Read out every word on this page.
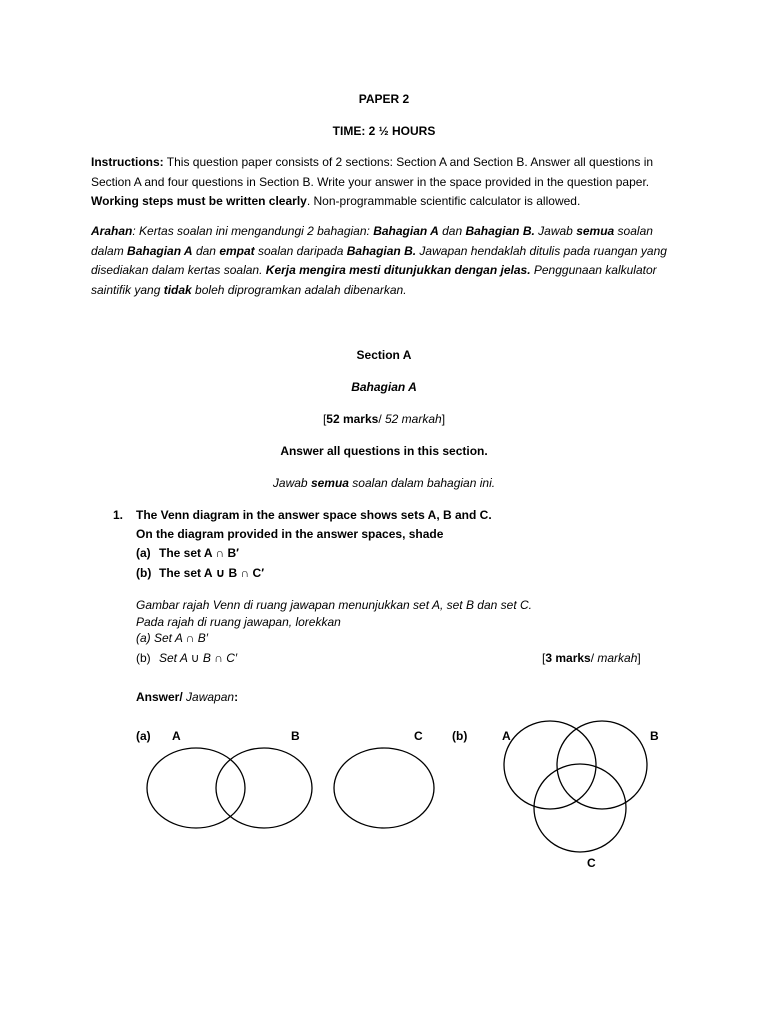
PAPER 2
TIME: 2 ½ HOURS
Instructions: This question paper consists of 2 sections: Section A and Section B. Answer all questions in Section A and four questions in Section B. Write your answer in the space provided in the question paper. Working steps must be written clearly. Non-programmable scientific calculator is allowed.
Arahan: Kertas soalan ini mengandungi 2 bahagian: Bahagian A dan Bahagian B. Jawab semua soalan dalam Bahagian A dan empat soalan daripada Bahagian B. Jawapan hendaklah ditulis pada ruangan yang disediakan dalam kertas soalan. Kerja mengira mesti ditunjukkan dengan jelas. Penggunaan kalkulator saintifik yang tidak boleh diprogramkan adalah dibenarkan.
Section A
Bahagian A
[52 marks/ 52 markah]
Answer all questions in this section.
Jawab semua soalan dalam bahagian ini.
1. The Venn diagram in the answer space shows sets A, B and C.
On the diagram provided in the answer spaces, shade
(a) The set A ∩ B′
(b) The set A ∪ B ∩ C′
Gambar rajah Venn di ruang jawapan menunjukkan set A, set B dan set C.
Pada rajah di ruang jawapan, lorekkan
(a) Set A ∩ B′
(b) Set A ∪ B ∩ C′	[3 marks/ markah]
Answer/ Jawapan:
(a) A	B	C (b)	A	B
C
